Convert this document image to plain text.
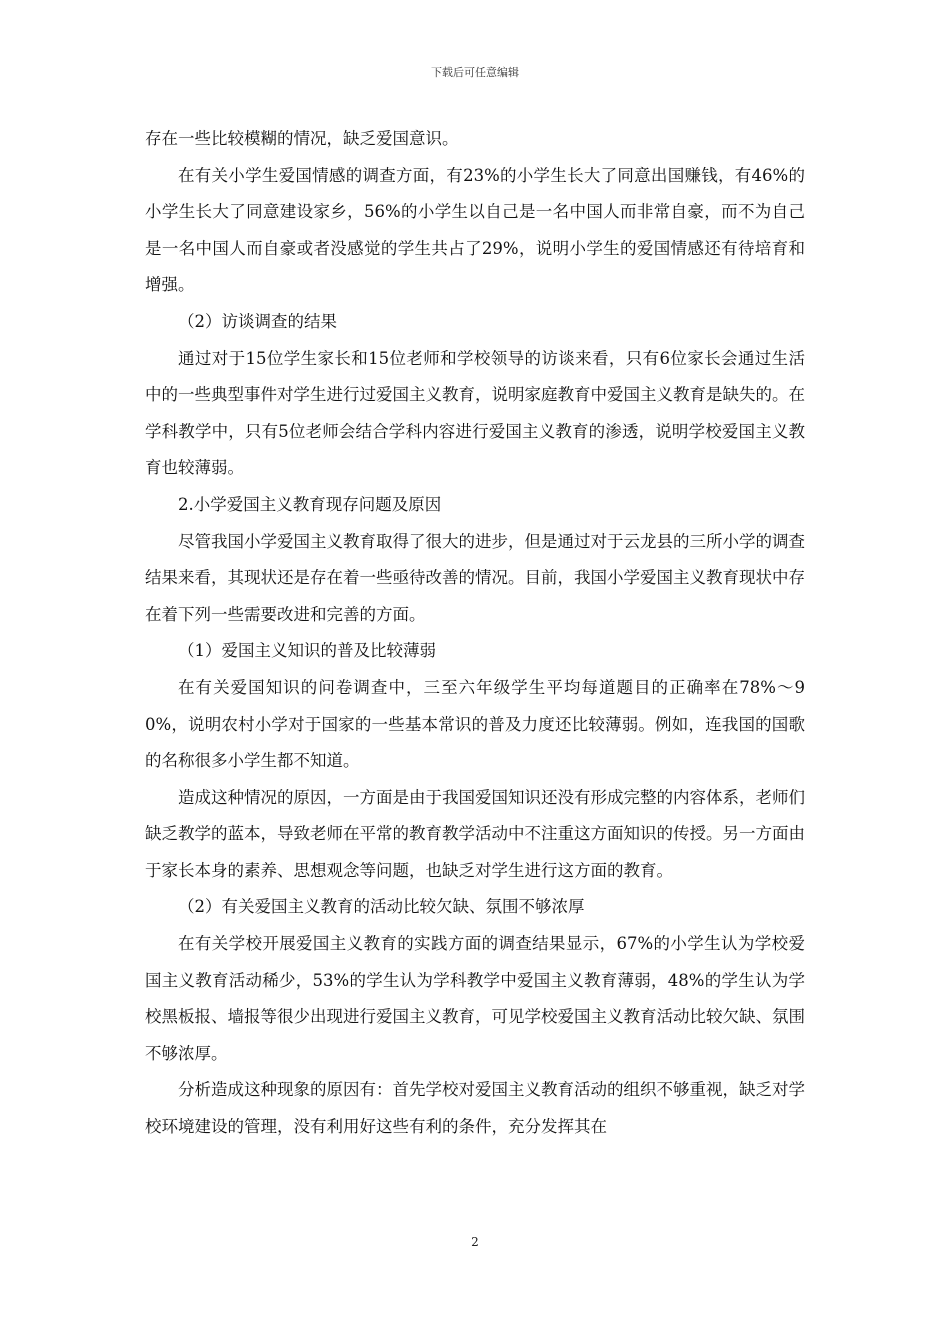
下载后可任意编辑

存在一些比较模糊的情况，缺乏爱国意识。

在有关小学生爱国情感的调查方面，有23%的小学生长大了同意出国赚钱，有46%的小学生长大了同意建设家乡，56%的小学生以自己是一名中国人而非常自豪，而不为自己是一名中国人而自豪或者没感觉的学生共占了29%，说明小学生的爱国情感还有待培育和增强。

（2）访谈调查的结果

通过对于15位学生家长和15位老师和学校领导的访谈来看，只有6位家长会通过生活中的一些典型事件对学生进行过爱国主义教育，说明家庭教育中爱国主义教育是缺失的。在学科教学中，只有5位老师会结合学科内容进行爱国主义教育的渗透，说明学校爱国主义教育也较薄弱。

2.小学爱国主义教育现存问题及原因

尽管我国小学爱国主义教育取得了很大的进步，但是通过对于云龙县的三所小学的调查结果来看，其现状还是存在着一些亟待改善的情况。目前，我国小学爱国主义教育现状中存在着下列一些需要改进和完善的方面。

（1）爱国主义知识的普及比较薄弱

在有关爱国知识的问卷调查中，三至六年级学生平均每道题目的正确率在78%～90%，说明农村小学对于国家的一些基本常识的普及力度还比较薄弱。例如，连我国的国歌的名称很多小学生都不知道。

造成这种情况的原因，一方面是由于我国爱国知识还没有形成完整的内容体系，老师们缺乏教学的蓝本，导致老师在平常的教育教学活动中不注重这方面知识的传授。另一方面由于家长本身的素养、思想观念等问题，也缺乏对学生进行这方面的教育。

（2）有关爱国主义教育的活动比较欠缺、氛围不够浓厚

在有关学校开展爱国主义教育的实践方面的调查结果显示，67%的小学生认为学校爱国主义教育活动稀少，53%的学生认为学科教学中爱国主义教育薄弱，48%的学生认为学校黑板报、墙报等很少出现进行爱国主义教育，可见学校爱国主义教育活动比较欠缺、氛围不够浓厚。

分析造成这种现象的原因有：首先学校对爱国主义教育活动的组织不够重视，缺乏对学校环境建设的管理，没有利用好这些有利的条件，充分发挥其在

2
